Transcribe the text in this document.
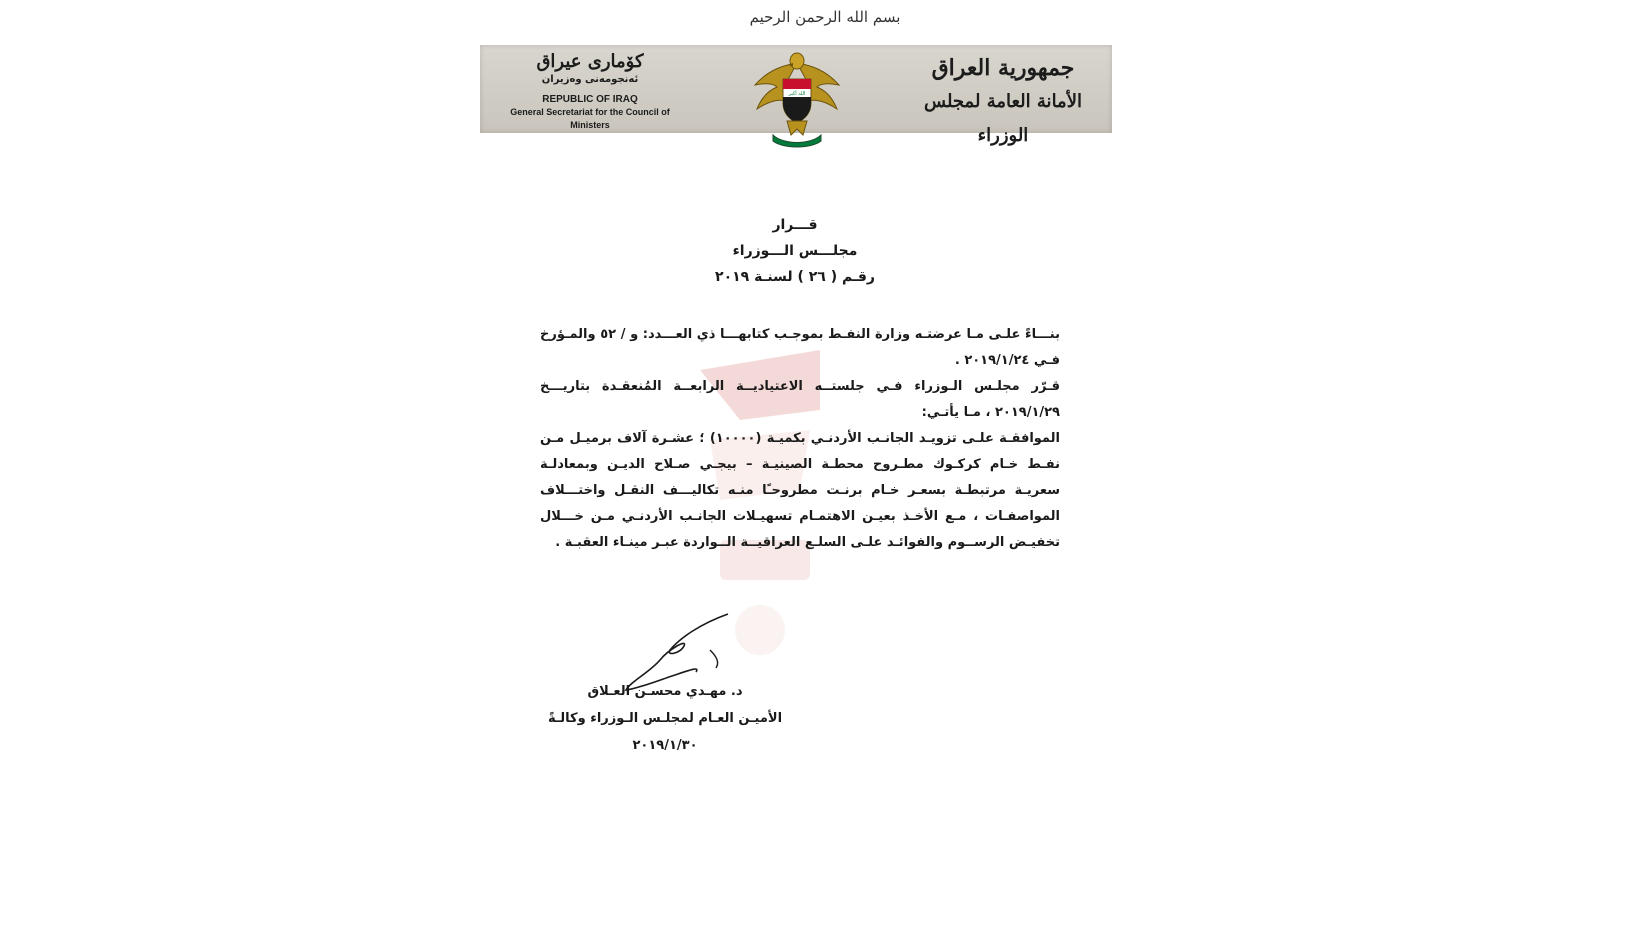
بسم الله الرحمن الرحيم
كۆماری عیراق
ئه‌نجومه‌نی وه‌زیران
REPUBLIC OF IRAQ
General Secretariat for the Council of Ministers
الله أكبر
جمهورية العراق
الأمانة العامة لمجلس الوزراء
قـــرار
مجلـــس الـــوزراء
رقـم ( ٢٦ ) لسنـة ٢٠١٩

بنـــاءً علـى مـا عرضتـه وزارة النفـط بموجـب كتابهـــا ذي العـــدد: و / ٥٢ والمـؤرخ فـي ٢٠١٩/١/٢٤ .

قـرّر مجلـس الـوزراء فـي جلستــه الاعتياديــة الرابعــة المُنعقـدة بتاريـــخ ٢٠١٩/١/٢٩ ، مـا يأتـي:

الموافقـة علـى تزويـد الجانـب الأردنـي بكميـة (١٠٠٠٠) ؛ عشـرة آلاف برميـل مـن نفـط خـام كركـوك مطـروح محطـة الصينيـة – بيجـي صـلاح الديـن وبمعادلـة سعريـة مرتبطـة بسعـر خـام برنـت مطروحـًا منـه تكاليـــف النقـل واختـــلاف المواصفـات ، مـع الأخـذ بعيـن الاهتمـام تسهيـلات الجانـب الأردنـي مـن خـــلال تخفيـض الرســوم والفوائـد علـى السلـع العراقيــة الــواردة عبـر مينـاء العقبـة .

د. مهـدي محسـن العـلاق
الأميـن العـام لمجلـس الـوزراء وكالـةً
٢٠١٩/١/٣٠
